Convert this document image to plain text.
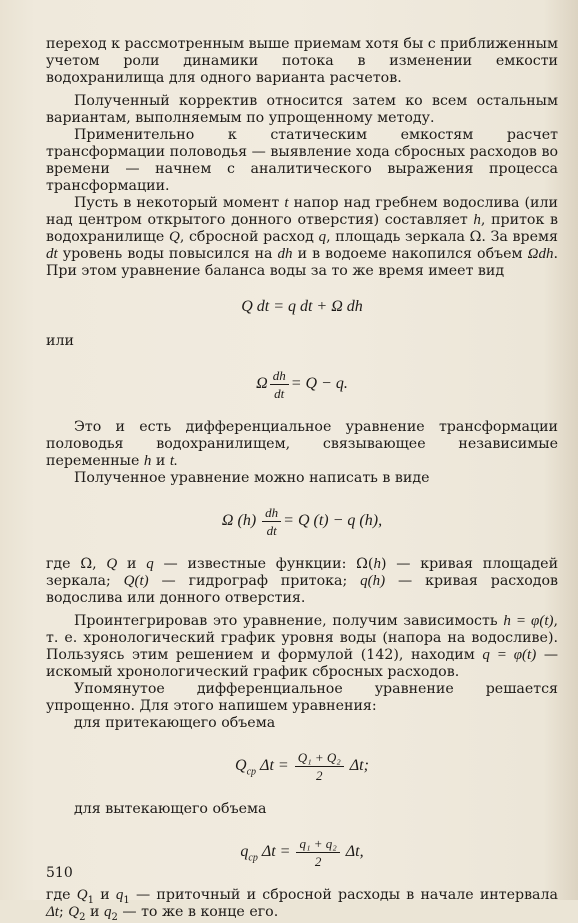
переход к рассмотренным выше приемам хотя бы с приближенным учетом роли динамики потока в изменении емкости водохранилища для одного варианта расчетов.

Полученный корректив относится затем ко всем остальным вариантам, выполняемым по упрощенному методу.

Применительно к статическим емкостям расчет трансформации половодья — выявление хода сбросных расходов во времени — начнем с аналитического выражения процесса трансформации.

Пусть в некоторый момент t напор над гребнем водослива (или над центром открытого донного отверстия) составляет h, приток в водохранилище Q, сбросной расход q, площадь зеркала Ω. За время dt уровень воды повысился на dh и в водоеме накопился объем Ωdh. При этом уравнение баланса воды за то же время имеет вид

Q dt = q dt + Ω dh

или

Ω $\frac{dh}{dt} = Q - q$.

Это и есть дифференциальное уравнение трансформации половодья водохранилищем, связывающее независимые переменные h и t.

Полученное уравнение можно написать в виде

Ω $(h) \frac{dh}{dt} = Q$ (t) − q (h),

где Ω, Q и q — известные функции: Ω(h) — кривая площадей зеркала; Q(t) — гидрограф притока; q(h) — кривая расходов водослива или донного отверстия.

Проинтегрировав это уравнение, получим зависимость h = φ(t), т. е. хронологический график уровня воды (напора на водосливе). Пользуясь этим решением и формулой (142), находим q = φ(t) — искомый хронологический график сбросных расходов.

Упомянутое дифференциальное уравнение решается упрощенно. Для этого напишем уравнения:

для притекающего объема

$Q_{ср}$ $\Delta t = \frac{\text{Q₁ + Q₂}}{2} \Delta t$;

для вытекающего объема

$q_{ср}$ $\Delta t = \frac{\text{q₁ + q₂}}{2} \Delta t$,

где $Q_1$ и $q_1$ — приточный и сбросной расходы в начале интервала Δt; $Q_2$ и $q_2$ — то же в конце его.

510
